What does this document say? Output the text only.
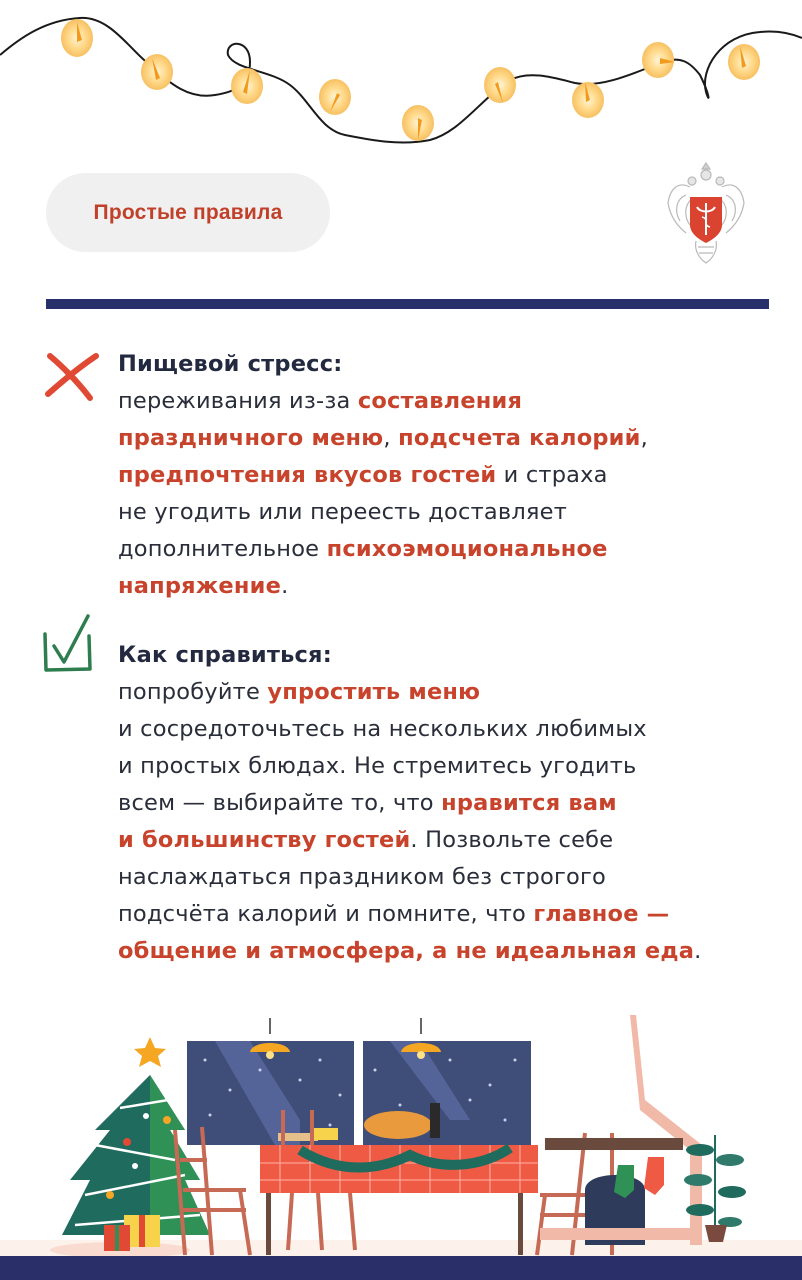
Простые правила
Пищевой стресс:
переживания из-за составления
праздничного меню, подсчета калорий,
предпочтения вкусов гостей и страха
не угодить или переесть доставляет
дополнительное психоэмоциональное
напряжение.
Как справиться:
попробуйте упростить меню
и сосредоточьтесь на нескольких любимых
и простых блюдах. Не стремитесь угодить
всем — выбирайте то, что нравится вам
и большинству гостей. Позвольте себе
наслаждаться праздником без строгого
подсчёта калорий и помните, что главное —
общение и атмосфера, а не идеальная еда.
